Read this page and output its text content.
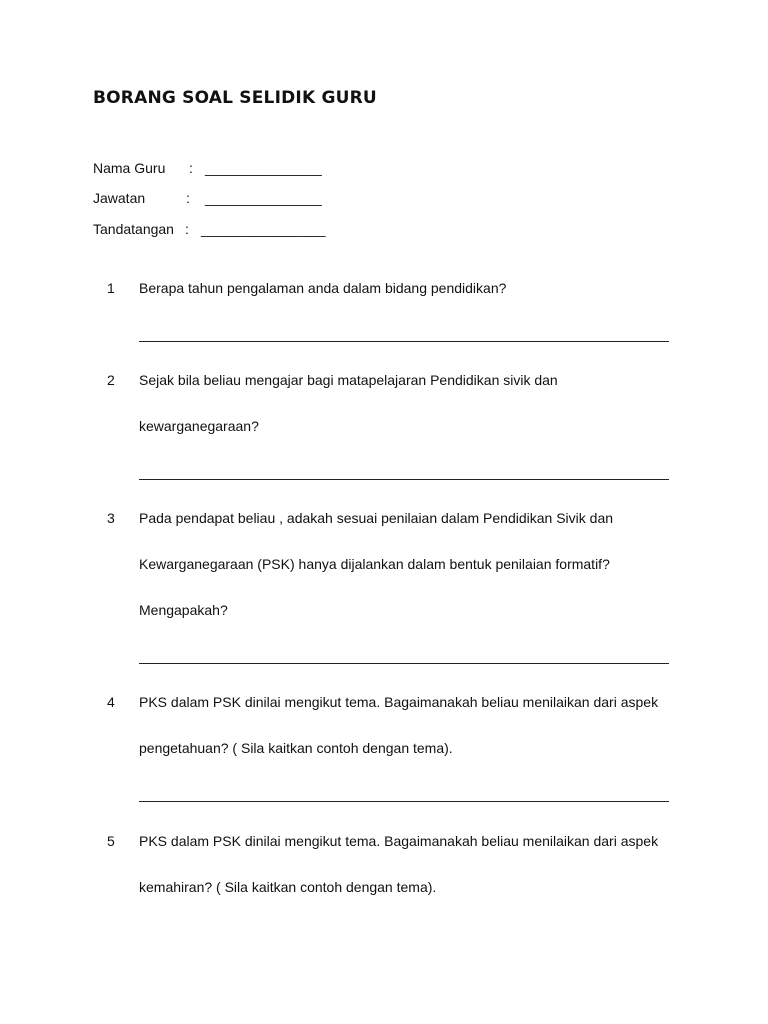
BORANG SOAL SELIDIK GURU
Nama Guru : _______________
Jawatan	: _______________
Tandatangan : ________________
1	Berapa tahun pengalaman anda dalam bidang pendidikan?
2	Sejak bila beliau mengajar bagi matapelajaran Pendidikan sivik dan
kewarganegaraan?
3	Pada pendapat beliau , adakah sesuai penilaian dalam Pendidikan Sivik dan
Kewarganegaraan (PSK) hanya dijalankan dalam bentuk penilaian formatif?
Mengapakah?
4	PKS dalam PSK dinilai mengikut tema. Bagaimanakah beliau menilaikan dari aspek
pengetahuan? ( Sila kaitkan contoh dengan tema).
5	PKS dalam PSK dinilai mengikut tema. Bagaimanakah beliau menilaikan dari aspek
kemahiran? ( Sila kaitkan contoh dengan tema).
